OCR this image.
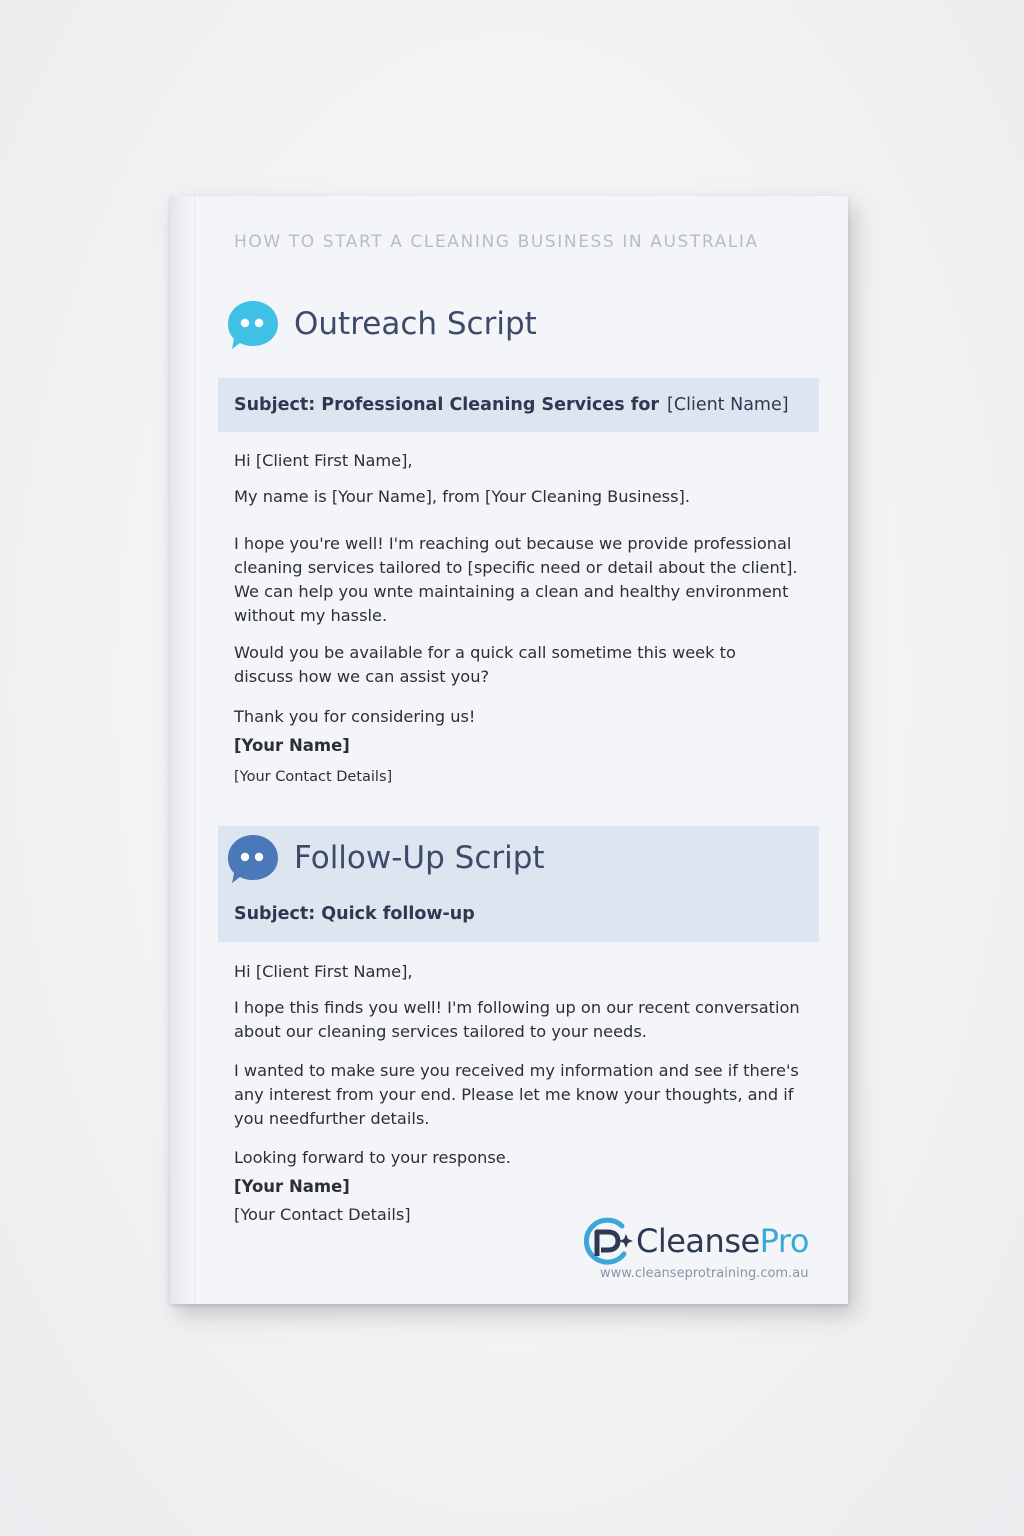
HOW TO START A CLEANING BUSINESS IN AUSTRALIA
Outreach Script
Subject: Professional Cleaning Services for [Client Name]

Hi [Client First Name],

My name is [Your Name], from [Your Cleaning Business].

I hope you're well! I'm reaching out because we provide professional cleaning services tailored to [specific need or detail about the client]. We can help you wnte maintaining a clean and healthy environment without my hassle.

Would you be available for a quick call sometime this week to discuss how we can assist you?

Thank you for considering us!

[Your Name]

[Your Contact Details]

Follow-Up Script
Subject: Quick follow-up

Hi [Client First Name],

I hope this finds you well! I'm following up on our recent conversation about our cleaning services tailored to your needs.

I wanted to make sure you received my information and see if there's any interest from your end. Please let me know your thoughts, and if you needfurther details.

Looking forward to your response.

[Your Name]

[Your Contact Details]

CleansePro
www.cleanseprotraining.com.au
